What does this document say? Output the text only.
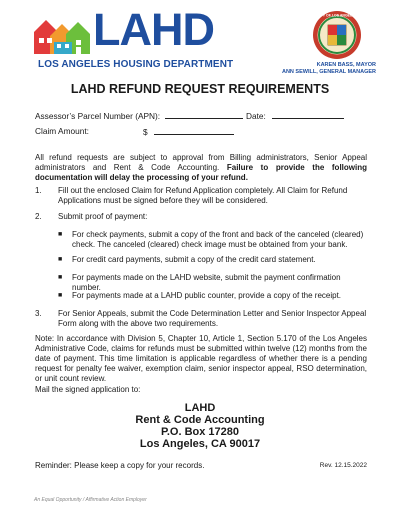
LAHD
LOS ANGELES HOUSING DEPARTMENT
CITY OF LOS ANGELES
KAREN BASS, MAYOR
ANN SEWILL, GENERAL MANAGER
LAHD REFUND REQUEST REQUIREMENTS
Assessor’s Parcel Number (APN):	Date:
Claim Amount:	$
All refund requests are subject to approval from Billing administrators, Senior Appeal administrators and Rent & Code Accounting. Failure to provide the following documentation will delay the processing of your refund.
1. Fill out the enclosed Claim for Refund Application completely. All Claim for Refund Applications must be signed before they will be considered.
2. Submit proof of payment:
■ For check payments, submit a copy of the front and back of the canceled (cleared) check. The canceled (cleared) check image must be obtained from your bank.
■ For credit card payments, submit a copy of the credit card statement.
■ For payments made on the LAHD website, submit the payment confirmation number.
■ For payments made at a LAHD public counter, provide a copy of the receipt.
3. For Senior Appeals, submit the Code Determination Letter and Senior Inspector Appeal Form along with the above two requirements.
Note: In accordance with Division 5, Chapter 10, Article 1, Section 5.170 of the Los Angeles Administrative Code, claims for refunds must be submitted within twelve (12) months from the date of payment. This time limitation is applicable regardless of whether there is a pending request for penalty fee waiver, exemption claim, senior inspector appeal, RSO determination, or unit count review.
Mail the signed application to:
LAHD
Rent & Code Accounting
P.O. Box 17280
Los Angeles, CA 90017
Reminder: Please keep a copy for your records.	Rev. 12.15.2022
An Equal Opportunity / Affirmative Action Employer
